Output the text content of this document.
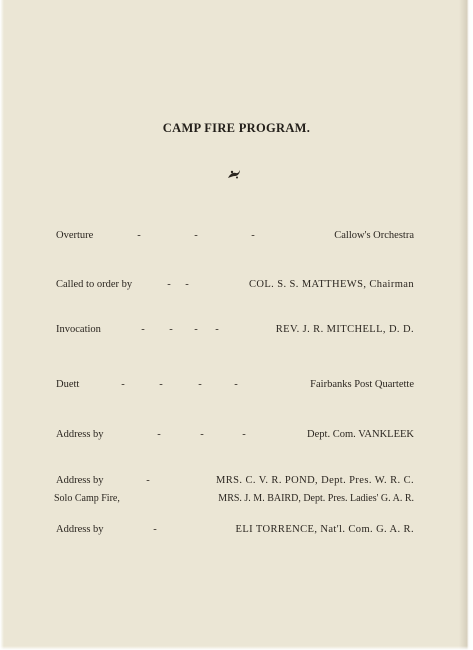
CAMP FIRE PROGRAM.
Overture	-	-	-	Callow's Orchestra
Called to order by	- -	COL. S. S. MATTHEWS, Chairman
Invocation	- - - -	REV. J. R. MITCHELL, D. D.
Duett	-	-	-	-	Fairbanks Post Quartette
Address by	-	-	-	Dept. Com. VANKLEEK
Address by	-	MRS. C. V. R. POND, Dept. Pres. W. R. C.
Solo Camp Fire,	MRS. J. M. BAIRD, Dept. Pres. Ladies' G. A. R.
Address by	-	ELI TORRENCE, Nat'l. Com. G. A. R.
